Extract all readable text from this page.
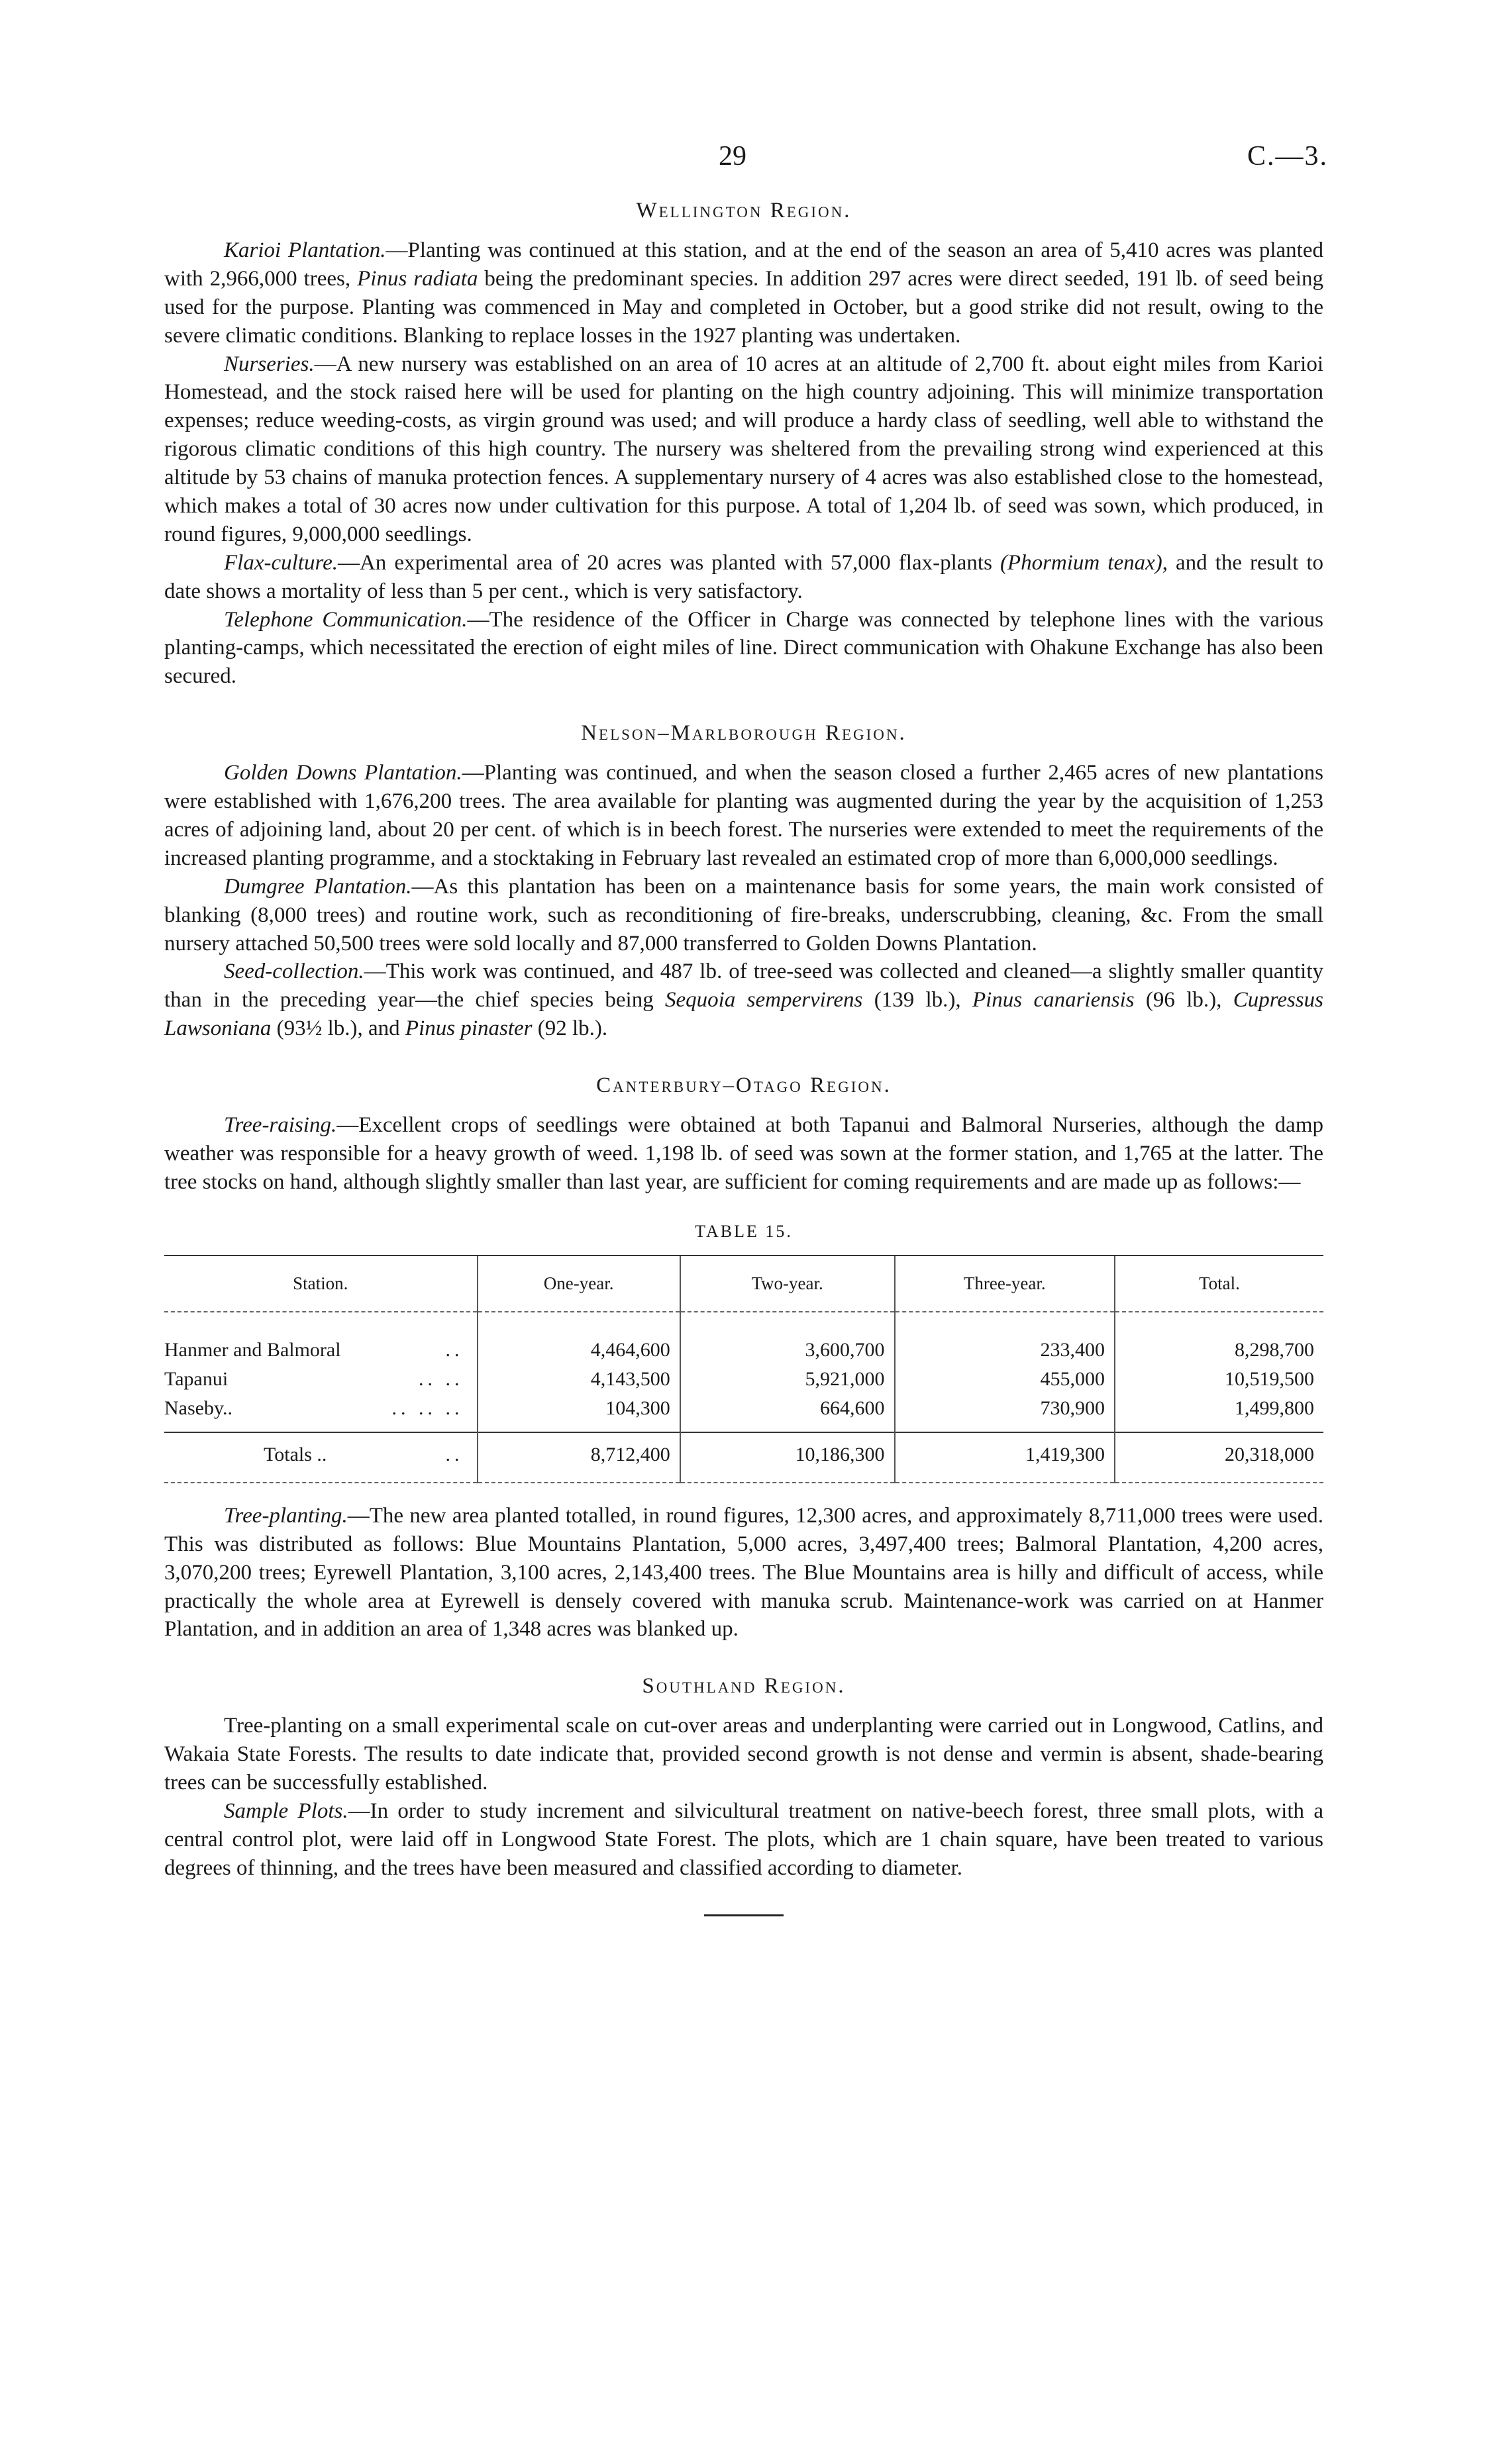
29	C.—3.
Wellington Region.

Karioi Plantation.—Planting was continued at this station, and at the end of the season an area of 5,410 acres was planted with 2,966,000 trees, Pinus radiata being the predominant species. In addition 297 acres were direct seeded, 191 lb. of seed being used for the purpose. Planting was commenced in May and completed in October, but a good strike did not result, owing to the severe climatic conditions. Blanking to replace losses in the 1927 planting was undertaken.

Nurseries.—A new nursery was established on an area of 10 acres at an altitude of 2,700 ft. about eight miles from Karioi Homestead, and the stock raised here will be used for planting on the high country adjoining. This will minimize transportation expenses; reduce weeding-costs, as virgin ground was used; and will produce a hardy class of seedling, well able to withstand the rigorous climatic conditions of this high country. The nursery was sheltered from the prevailing strong wind experienced at this altitude by 53 chains of manuka protection fences. A supplementary nursery of 4 acres was also established close to the homestead, which makes a total of 30 acres now under cultivation for this purpose. A total of 1,204 lb. of seed was sown, which produced, in round figures, 9,000,000 seedlings.

Flax-culture.—An experimental area of 20 acres was planted with 57,000 flax-plants (Phormium tenax), and the result to date shows a mortality of less than 5 per cent., which is very satisfactory.

Telephone Communication.—The residence of the Officer in Charge was connected by telephone lines with the various planting-camps, which necessitated the erection of eight miles of line. Direct communication with Ohakune Exchange has also been secured.

Nelson–Marlborough Region.

Golden Downs Plantation.—Planting was continued, and when the season closed a further 2,465 acres of new plantations were established with 1,676,200 trees. The area available for planting was augmented during the year by the acquisition of 1,253 acres of adjoining land, about 20 per cent. of which is in beech forest. The nurseries were extended to meet the requirements of the increased planting programme, and a stocktaking in February last revealed an estimated crop of more than 6,000,000 seedlings.

Dumgree Plantation.—As this plantation has been on a maintenance basis for some years, the main work consisted of blanking (8,000 trees) and routine work, such as reconditioning of fire-breaks, underscrubbing, cleaning, &c. From the small nursery attached 50,500 trees were sold locally and 87,000 transferred to Golden Downs Plantation.

Seed-collection.—This work was continued, and 487 lb. of tree-seed was collected and cleaned—a slightly smaller quantity than in the preceding year—the chief species being Sequoia sempervirens (139 lb.), Pinus canariensis (96 lb.), Cupressus Lawsoniana (93½ lb.), and Pinus pinaster (92 lb.).

Canterbury–Otago Region.

Tree-raising.—Excellent crops of seedlings were obtained at both Tapanui and Balmoral Nurseries, although the damp weather was responsible for a heavy growth of weed. 1,198 lb. of seed was sown at the former station, and 1,765 at the latter. The tree stocks on hand, although slightly smaller than last year, are sufficient for coming requirements and are made up as follows:—

TABLE 15.
Station.	One-year.	Two-year.	Three-year.	Total.
Hanmer and Balmoral ..	4,464,600	3,600,700	233,400	8,298,700
Tapanui .. ..	4,143,500	5,921,000	455,000	10,519,500
Naseby.. .. .. ..	104,300	664,600	730,900	1,499,800
Totals .. ..	8,712,400	10,186,300	1,419,300	20,318,000

Tree-planting.—The new area planted totalled, in round figures, 12,300 acres, and approximately 8,711,000 trees were used. This was distributed as follows: Blue Mountains Plantation, 5,000 acres, 3,497,400 trees; Balmoral Plantation, 4,200 acres, 3,070,200 trees; Eyrewell Plantation, 3,100 acres, 2,143,400 trees. The Blue Mountains area is hilly and difficult of access, while practically the whole area at Eyrewell is densely covered with manuka scrub. Maintenance-work was carried on at Hanmer Plantation, and in addition an area of 1,348 acres was blanked up.

Southland Region.

Tree-planting on a small experimental scale on cut-over areas and underplanting were carried out in Longwood, Catlins, and Wakaia State Forests. The results to date indicate that, provided second growth is not dense and vermin is absent, shade-bearing trees can be successfully established.

Sample Plots.—In order to study increment and silvicultural treatment on native-beech forest, three small plots, with a central control plot, were laid off in Longwood State Forest. The plots, which are 1 chain square, have been treated to various degrees of thinning, and the trees have been measured and classified according to diameter.
